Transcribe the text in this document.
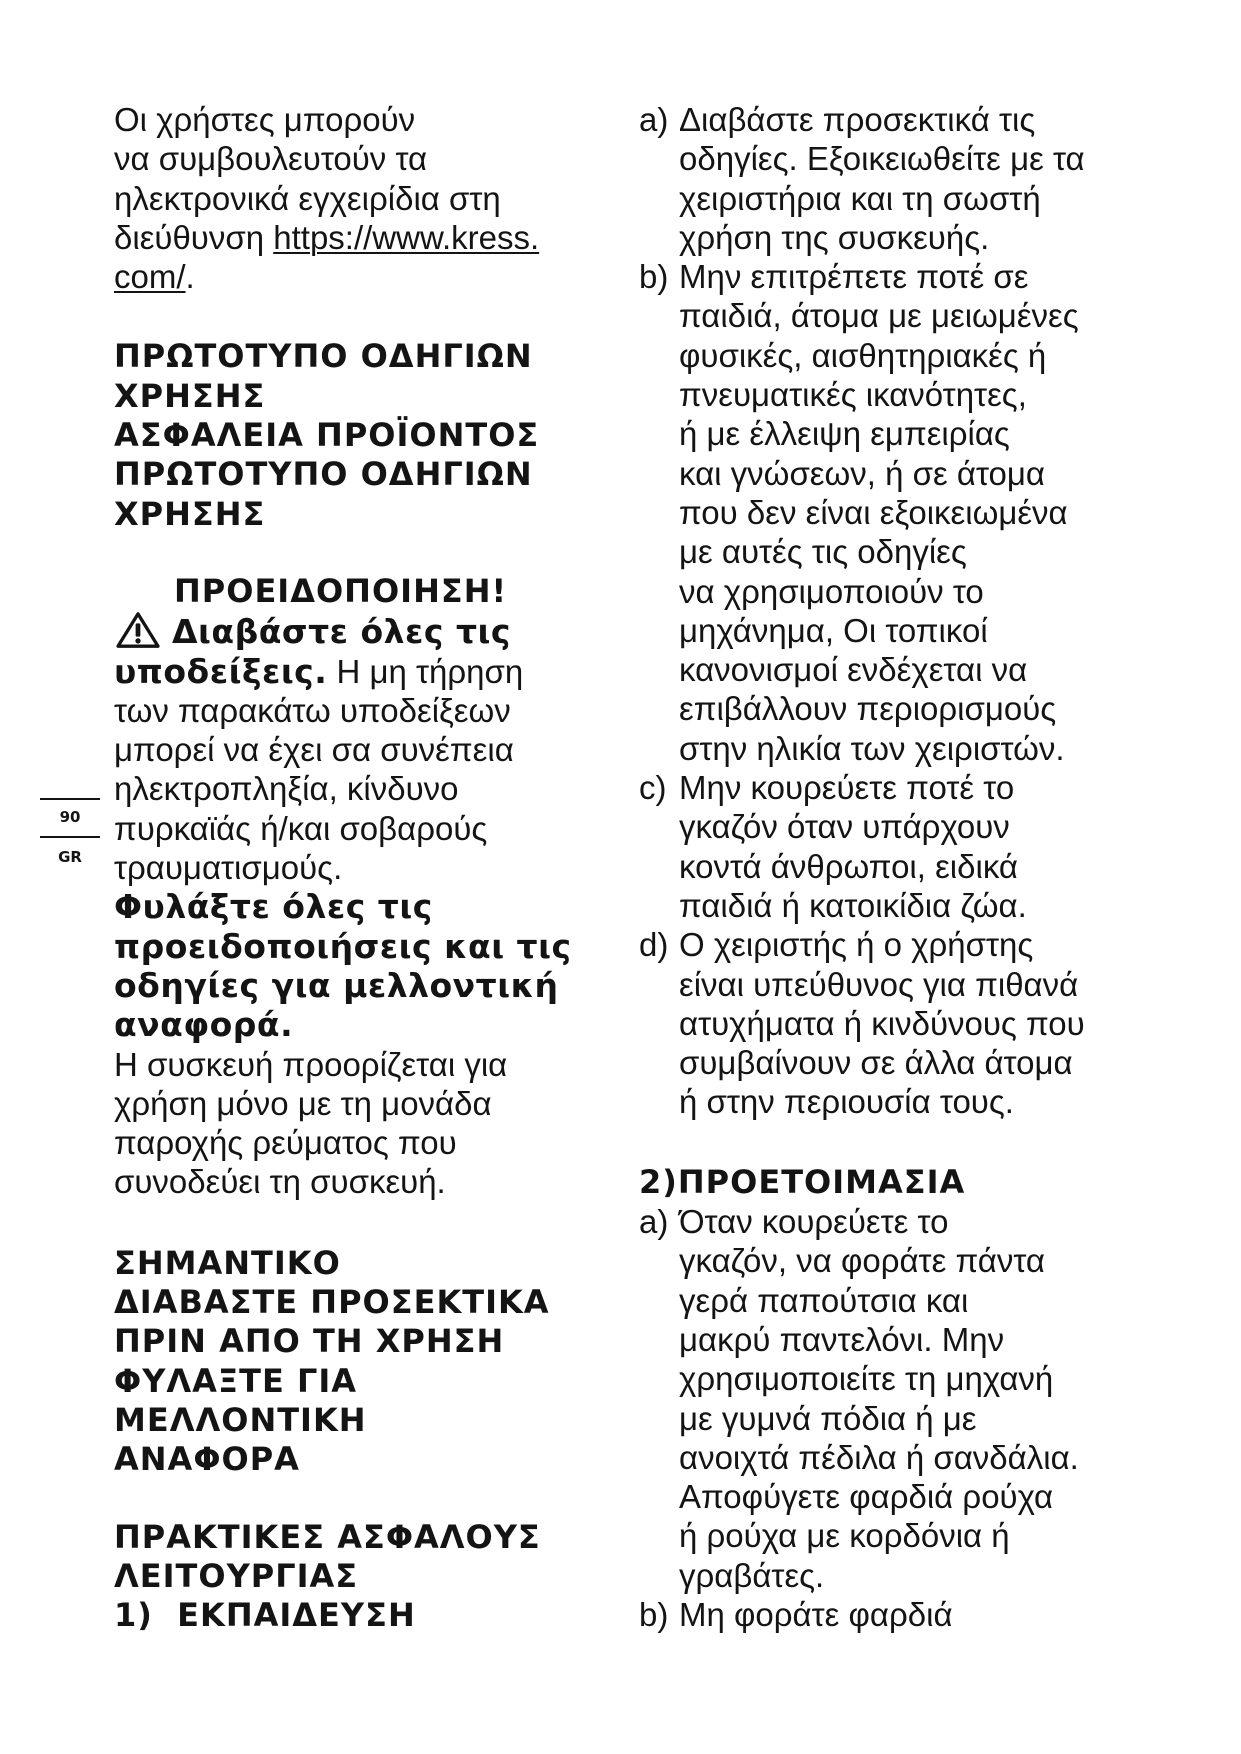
90
GR

Οι χρήστες μπορούν
να συμβουλευτούν τα
ηλεκτρονικά εγχειρίδια στη
διεύθυνση https://www.kress.
com/.

ΠΡΩΤΟΤΥΠΟ ΟΔΗΓΙΩΝ
ΧΡΗΣΗΣ
ΑΣΦΑΛΕΙΑ ΠΡΟΪΟΝΤΟΣ
ΠΡΩΤΟΤΥΠΟ ΟΔΗΓΙΩΝ
ΧΡΗΣΗΣ

ΠΡΟΕΙΔΟΠΟΙΗΣΗ!

Διαβάστε όλες τις
υποδείξεις. Η μη τήρηση
των παρακάτω υποδείξεων
μπορεί να έχει σα συνέπεια
ηλεκτροπληξία, κίνδυνο
πυρκαϊάς ή/και σοβαρούς
τραυματισμούς.

Φυλάξτε όλες τις
προειδοποιήσεις και τις
οδηγίες για μελλοντική
αναφορά.

Η συσκευή προορίζεται για
χρήση μόνο με τη μονάδα
παροχής ρεύματος που
συνοδεύει τη συσκευή.

ΣΗΜΑΝΤΙΚΟ
ΔΙΑΒΑΣΤΕ ΠΡΟΣΕΚΤΙΚΑ
ΠΡΙΝ ΑΠΟ ΤΗ ΧΡΗΣΗ
ΦΥΛΑΞΤΕ ΓΙΑ
ΜΕΛΛΟΝΤΙΚΗ
ΑΝΑΦΟΡΑ

ΠΡΑΚΤΙΚΕΣ ΑΣΦΑΛΟΥΣ
ΛΕΙΤΟΥΡΓΙΑΣ
1)  ΕΚΠΑΙΔΕΥΣΗ

a) Διαβάστε προσεκτικά τις
οδηγίες. Εξοικειωθείτε με τα
χειριστήρια και τη σωστή
χρήση της συσκευής.

b) Μην επιτρέπετε ποτέ σε
παιδιά, άτομα με μειωμένες
φυσικές, αισθητηριακές ή
πνευματικές ικανότητες,
ή με έλλειψη εμπειρίας
και γνώσεων, ή σε άτομα
που δεν είναι εξοικειωμένα
με αυτές τις οδηγίες
να χρησιμοποιούν το
μηχάνημα, Οι τοπικοί
κανονισμοί ενδέχεται να
επιβάλλουν περιορισμούς
στην ηλικία των χειριστών.

c) Μην κουρεύετε ποτέ το
γκαζόν όταν υπάρχουν
κοντά άνθρωποι, ειδικά
παιδιά ή κατοικίδια ζώα.

d) Ο χειριστής ή ο χρήστης
είναι υπεύθυνος για πιθανά
ατυχήματα ή κινδύνους που
συμβαίνουν σε άλλα άτομα
ή στην περιουσία τους.

2)ΠΡΟΕΤΟΙΜΑΣΙΑ

a) Όταν κουρεύετε το
γκαζόν, να φοράτε πάντα
γερά παπούτσια και
μακρύ παντελόνι. Μην
χρησιμοποιείτε τη μηχανή
με γυμνά πόδια ή με
ανοιχτά πέδιλα ή σανδάλια.
Αποφύγετε φαρδιά ρούχα
ή ρούχα με κορδόνια ή
γραβάτες.

b) Μη φοράτε φαρδιά
